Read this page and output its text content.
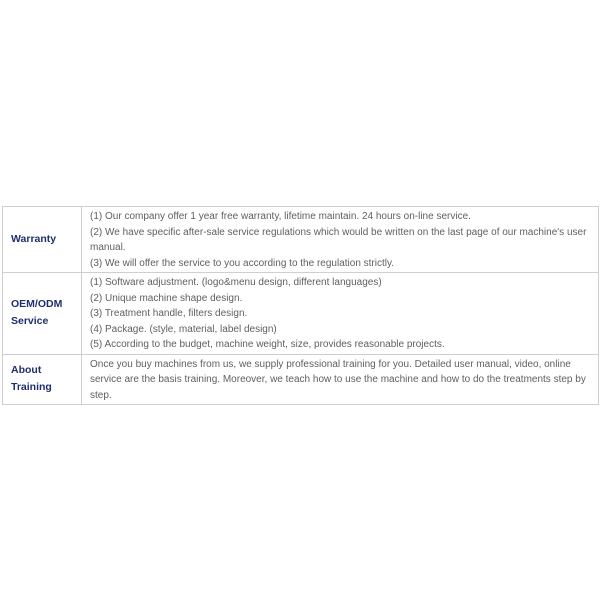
Warranty	(1) Our company offer 1 year free warranty, lifetime maintain. 24 hours on-line service.
(2) We have specific after-sale service regulations which would be written on the last page of our machine's user manual.
(3) We will offer the service to you according to the regulation strictly.

OEM/ODM
Service	(1) Software adjustment. (logo&menu design, different languages)
(2) Unique machine shape design.
(3) Treatment handle, filters design.
(4) Package. (style, material, label design)
(5) According to the budget, machine weight, size, provides reasonable projects.

About
Training	Once you buy machines from us, we supply professional training for you. Detailed user manual, video, online service are the basis training. Moreover, we teach how to use the machine and how to do the treatments step by step.
